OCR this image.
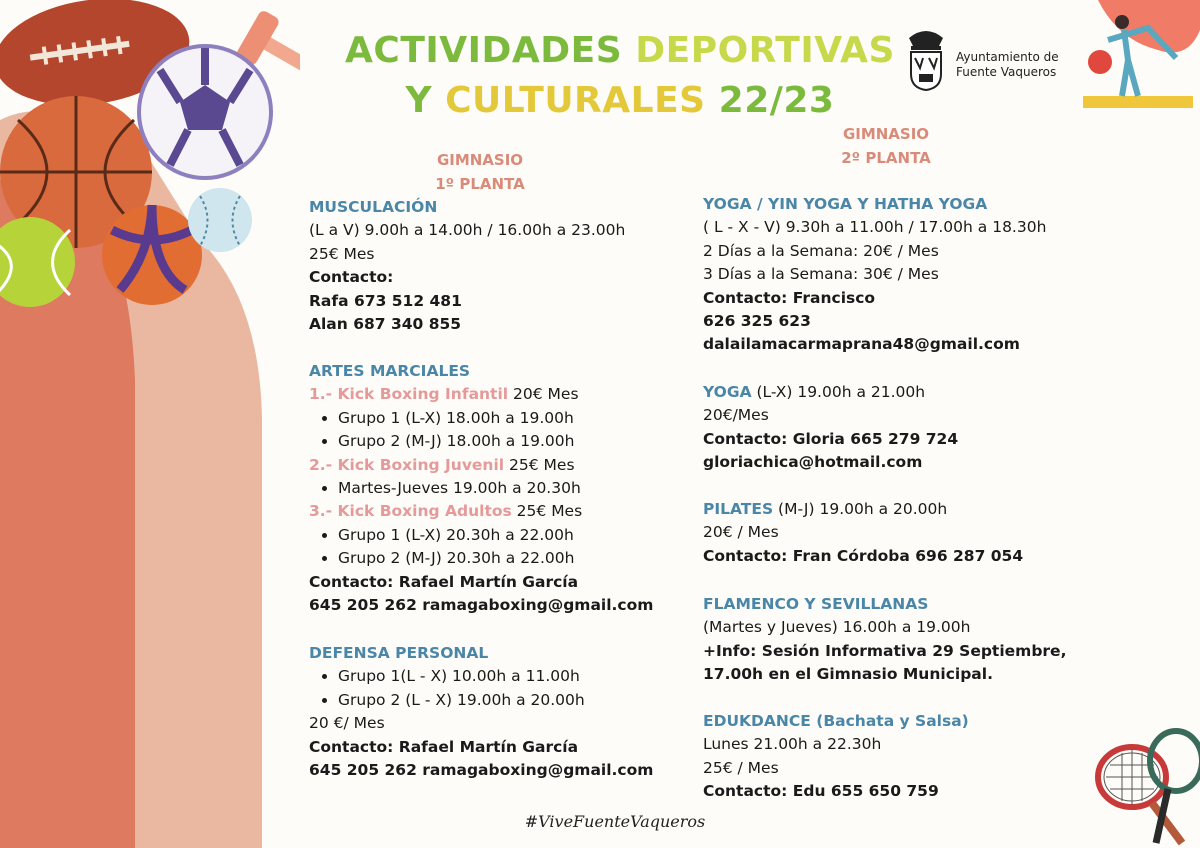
ACTIVIDADES DEPORTIVAS
Y CULTURALES 22/23
Ayuntamiento de
Fuente Vaqueros
GIMNASIO
1º PLANTA
GIMNASIO
2º PLANTA
MUSCULACIÓN
(L a V) 9.00h a 14.00h / 16.00h a 23.00h
25€ Mes
Contacto:
Rafa 673 512 481
Alan 687 340 855
ARTES MARCIALES
1.- Kick Boxing Infantil 20€ Mes
• Grupo 1 (L-X) 18.00h a 19.00h
• Grupo 2 (M-J) 18.00h a 19.00h
2.- Kick Boxing Juvenil 25€ Mes
• Martes-Jueves 19.00h a 20.30h
3.- Kick Boxing Adultos 25€ Mes
• Grupo 1 (L-X) 20.30h a 22.00h
• Grupo 2 (M-J) 20.30h a 22.00h
Contacto: Rafael Martín García
645 205 262 ramagaboxing@gmail.com
DEFENSA PERSONAL
• Grupo 1(L - X) 10.00h a 11.00h
• Grupo 2 (L - X) 19.00h a 20.00h
20 €/ Mes
Contacto: Rafael Martín García
645 205 262 ramagaboxing@gmail.com
YOGA / YIN YOGA Y HATHA YOGA
( L - X - V) 9.30h a 11.00h / 17.00h a 18.30h
2 Días a la Semana: 20€ / Mes
3 Días a la Semana: 30€ / Mes
Contacto: Francisco
626 325 623
dalailamacarmaprana48@gmail.com
YOGA (L-X) 19.00h a 21.00h
20€/Mes
Contacto: Gloria 665 279 724
gloriachica@hotmail.com
PILATES (M-J) 19.00h a 20.00h
20€ / Mes
Contacto: Fran Córdoba 696 287 054
FLAMENCO Y SEVILLANAS
(Martes y Jueves) 16.00h a 19.00h
+Info: Sesión Informativa 29 Septiembre,
17.00h en el Gimnasio Municipal.
EDUKDANCE (Bachata y Salsa)
Lunes 21.00h a 22.30h
25€ / Mes
Contacto: Edu 655 650 759
#ViveFuenteVaqueros
